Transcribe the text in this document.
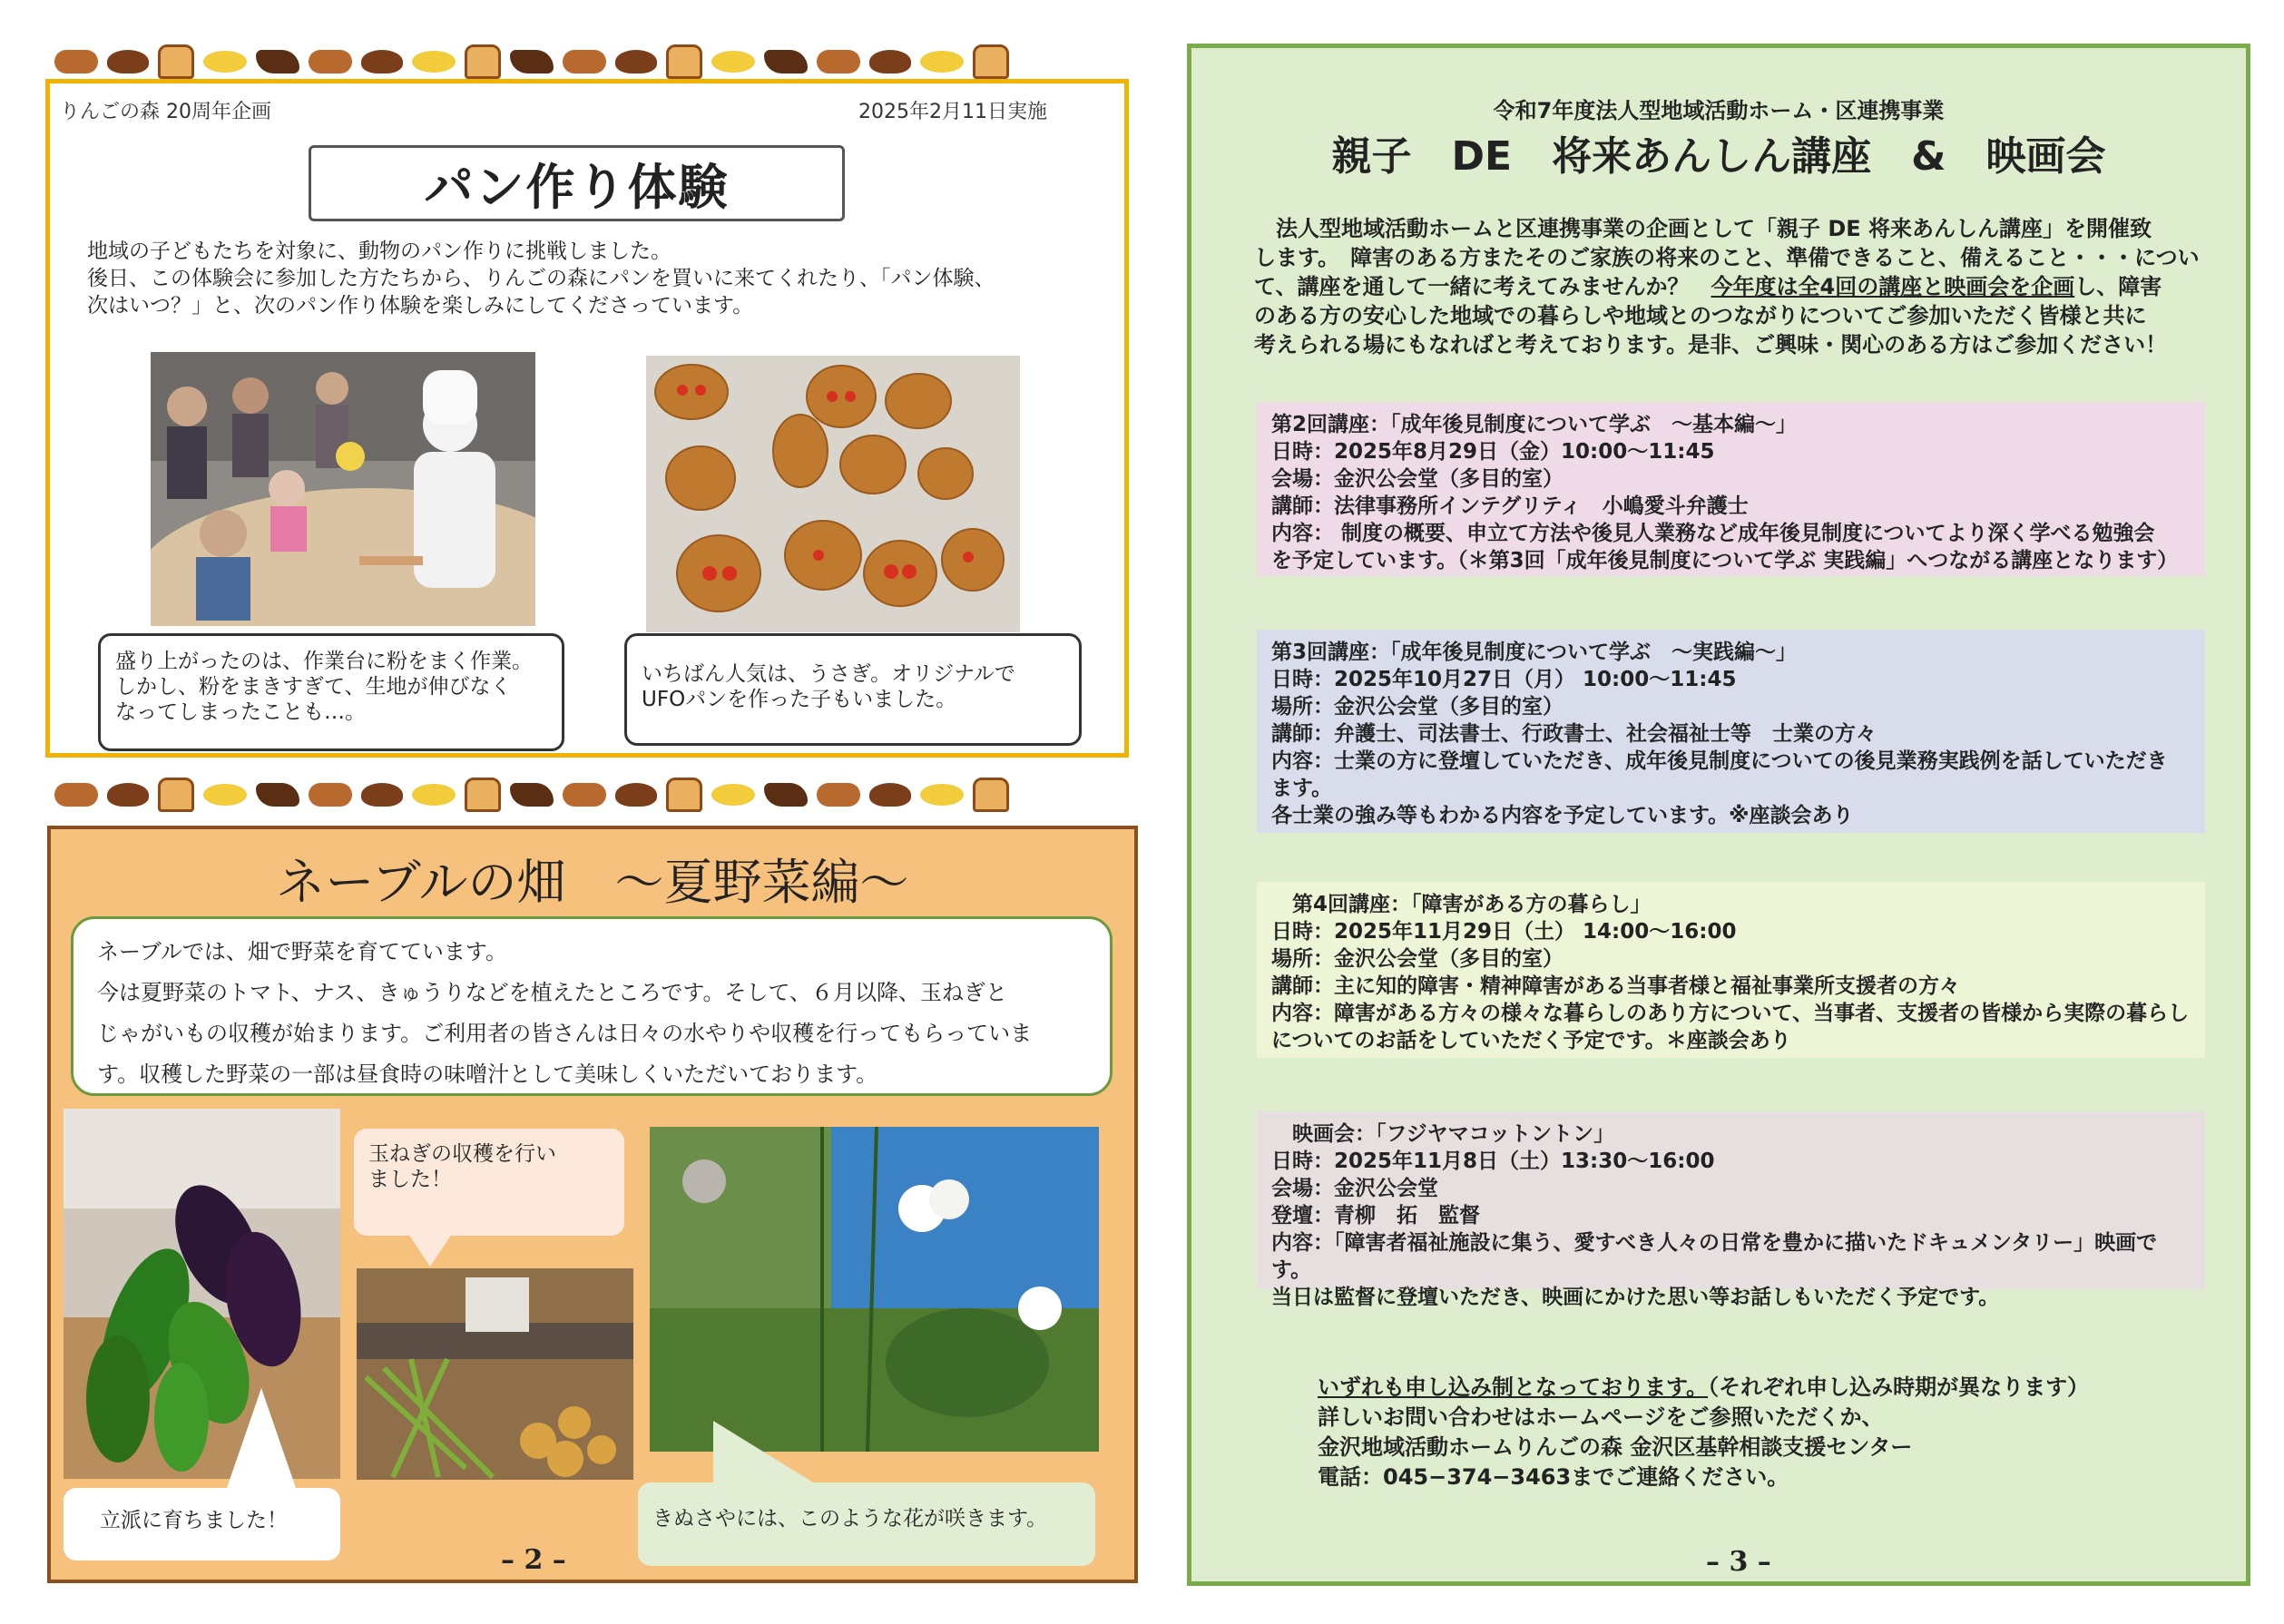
りんごの森 20周年企画	2025年2月11日実施
パン作り体験
地域の子どもたちを対象に、動物のパン作りに挑戦しました。
後日、この体験会に参加した方たちから、りんごの森にパンを買いに来てくれたり、「パン体験、
次はいつ？」と、次のパン作り体験を楽しみにしてくださっています。
盛り上がったのは、作業台に粉をまく作業。
しかし、粉をまきすぎて、生地が伸びなく
なってしまったことも…。
いちばん人気は、うさぎ。オリジナルで
UFOパンを作った子もいました。
ネーブルの畑　～夏野菜編～
ネーブルでは、畑で野菜を育てています。
今は夏野菜のトマト、ナス、きゅうりなどを植えたところです。そして、６月以降、玉ねぎと
じゃがいもの収穫が始まります。ご利用者の皆さんは日々の水やりや収穫を行ってもらっていま
す。収穫した野菜の一部は昼食時の味噌汁として美味しくいただいております。
玉ねぎの収穫を行い
ました！
立派に育ちました！	きぬさやには、このような花が咲きます。
– 2 –
令和7年度法人型地域活動ホーム・区連携事業
親子　DE　将来あんしん講座　&　映画会
　法人型地域活動ホームと区連携事業の企画として「親子 DE 将来あんしん講座」を開催致
します。　障害のある方またそのご家族の将来のこと、準備できること、備えること・・・につい
て、講座を通して一緒に考えてみませんか？　今年度は全4回の講座と映画会を企画し、障害
のある方の安心した地域での暮らしや地域とのつながりについてご参加いただく皆様と共に
考えられる場にもなればと考えております。是非、ご興味・関心のある方はご参加ください！
第2回講座：「成年後見制度について学ぶ　～基本編～」
日時：2025年8月29日（金）10:00～11:45
会場：金沢公会堂（多目的室）
講師：法律事務所インテグリティ　小嶋愛斗弁護士
内容： 制度の概要、申立て方法や後見人業務など成年後見制度についてより深く学べる勉強会
を予定しています。（＊第3回「成年後見制度について学ぶ 実践編」へつながる講座となります）
第3回講座：「成年後見制度について学ぶ　～実践編～」
日時：2025年10月27日（月） 10:00～11:45
場所：金沢公会堂（多目的室）
講師：弁護士、司法書士、行政書士、社会福祉士等　士業の方々
内容：士業の方に登壇していただき、成年後見制度についての後見業務実践例を話していただき
ます。
各士業の強み等もわかる内容を予定しています。※座談会あり
　第4回講座：「障害がある方の暮らし」
日時：2025年11月29日（土） 14:00～16:00
場所：金沢公会堂（多目的室）
講師：主に知的障害・精神障害がある当事者様と福祉事業所支援者の方々
内容：障害がある方々の様々な暮らしのあり方について、当事者、支援者の皆様から実際の暮らし
についてのお話をしていただく予定です。＊座談会あり
　映画会：「フジヤマコットントン」
日時：2025年11月8日（土）13:30～16:00
会場：金沢公会堂
登壇：青柳　拓　監督
内容：「障害者福祉施設に集う、愛すべき人々の日常を豊かに描いたドキュメンタリー」映画です。
当日は監督に登壇いただき、映画にかけた思い等お話しもいただく予定です。
いずれも申し込み制となっております。（それぞれ申し込み時期が異なります）
詳しいお問い合わせはホームページをご参照いただくか、
金沢地域活動ホームりんごの森 金沢区基幹相談支援センター
電話：045−374−3463までご連絡ください。
– 3 –
